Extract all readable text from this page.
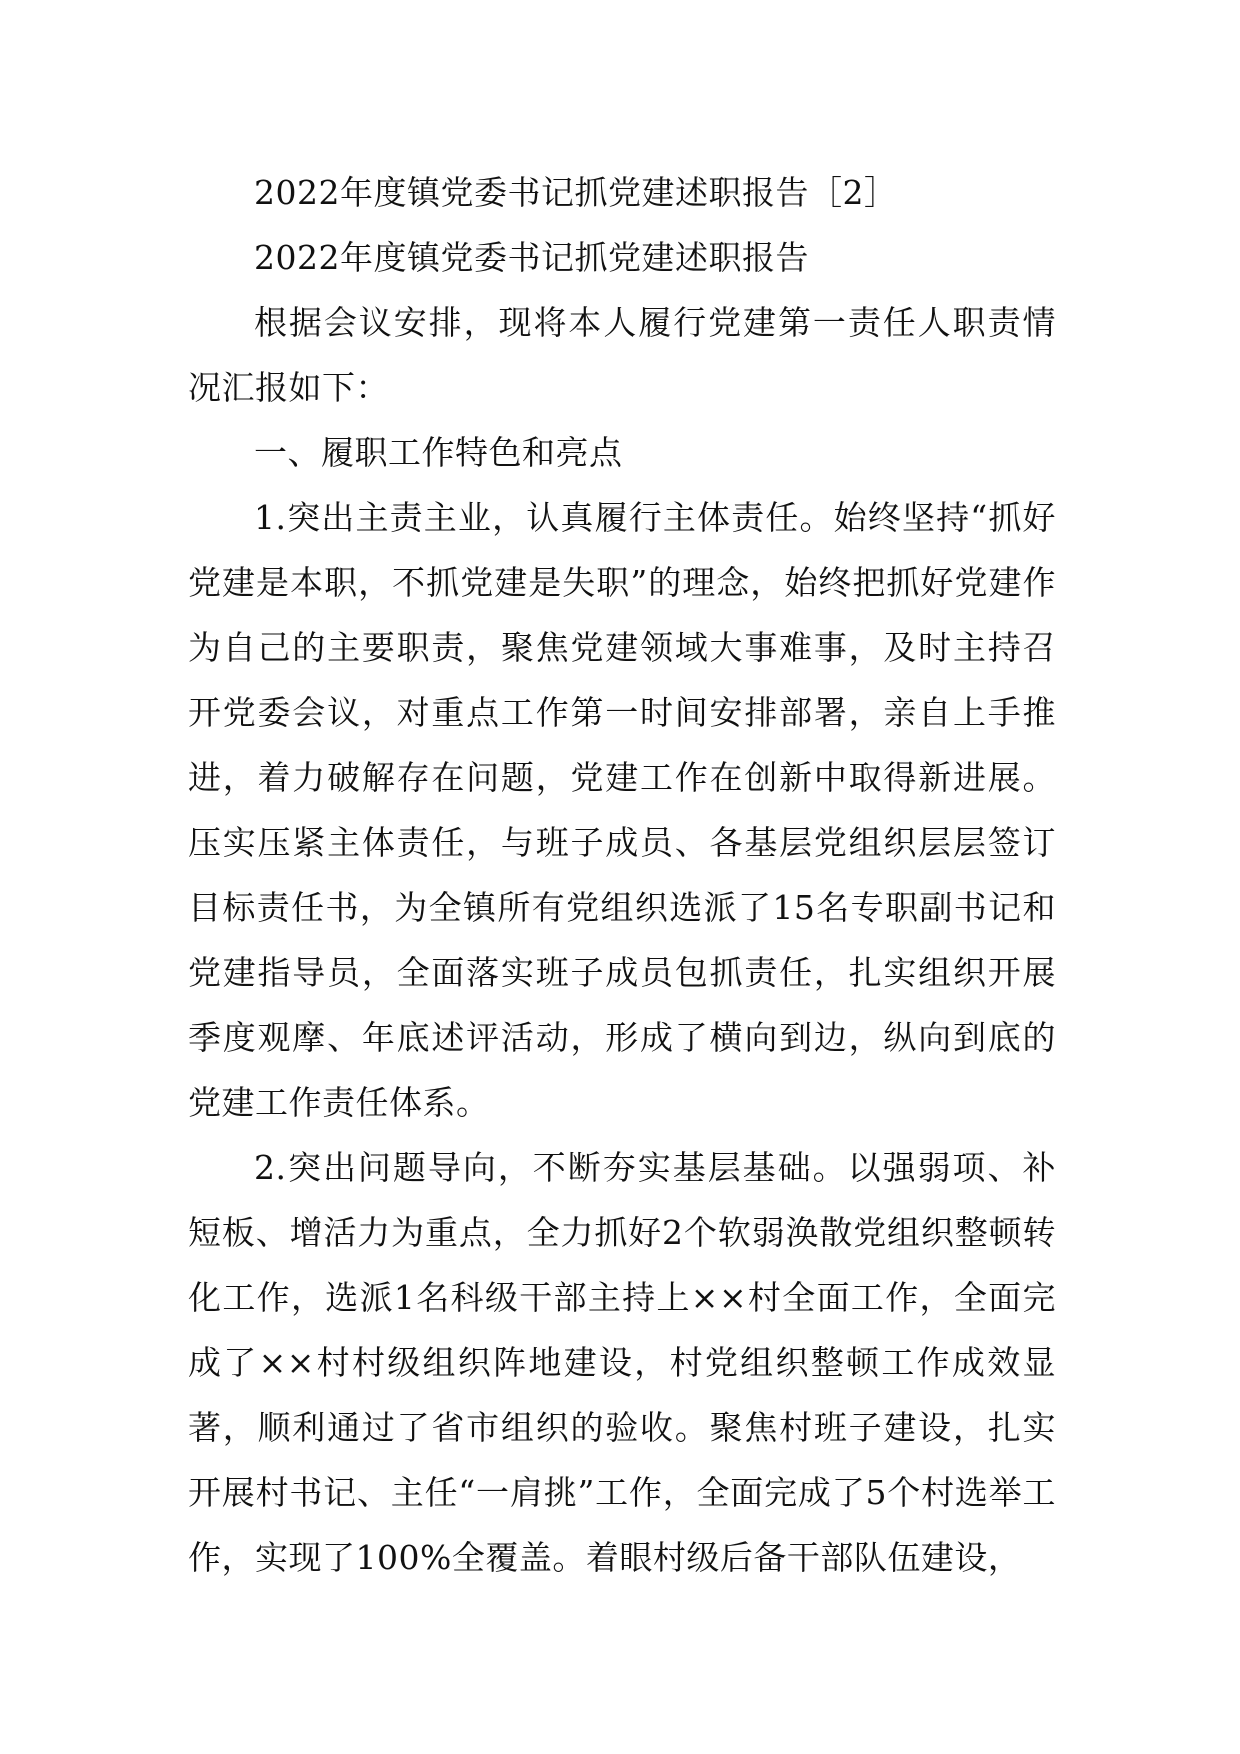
2022年度镇党委书记抓党建述职报告［2］

2022年度镇党委书记抓党建述职报告

根据会议安排，现将本人履行党建第一责任人职责情况汇报如下：

一、履职工作特色和亮点

1.突出主责主业，认真履行主体责任。始终坚持“抓好党建是本职，不抓党建是失职”的理念，始终把抓好党建作为自己的主要职责，聚焦党建领域大事难事，及时主持召开党委会议，对重点工作第一时间安排部署，亲自上手推进，着力破解存在问题，党建工作在创新中取得新进展。压实压紧主体责任，与班子成员、各基层党组织层层签订目标责任书，为全镇所有党组织选派了15名专职副书记和党建指导员，全面落实班子成员包抓责任，扎实组织开展季度观摩、年底述评活动，形成了横向到边，纵向到底的党建工作责任体系。

2.突出问题导向，不断夯实基层基础。以强弱项、补短板、增活力为重点，全力抓好2个软弱涣散党组织整顿转化工作，选派1名科级干部主持上××村全面工作，全面完成了××村村级组织阵地建设，村党组织整顿工作成效显著，顺利通过了省市组织的验收。聚焦村班子建设，扎实开展村书记、主任“一肩挑”工作，全面完成了5个村选举工作，实现了100%全覆盖。着眼村级后备干部队伍建设，
